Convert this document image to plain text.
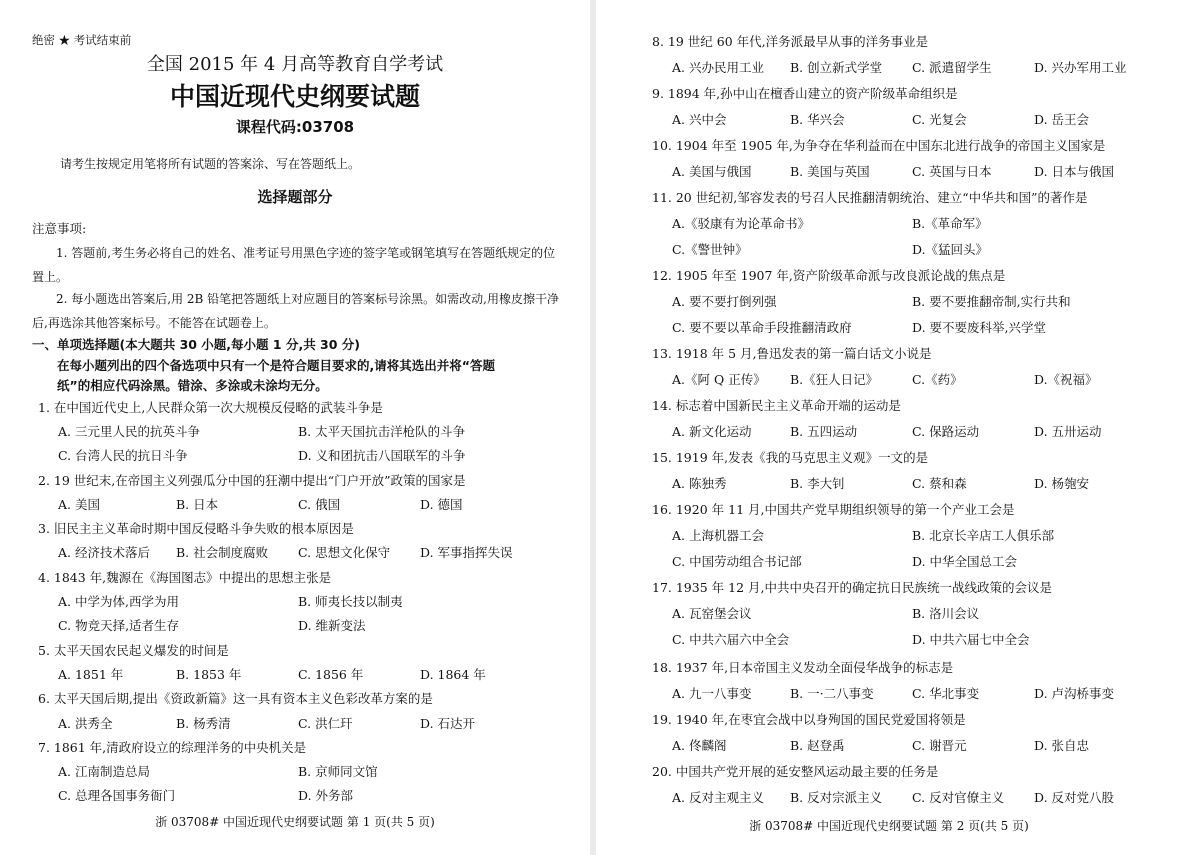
绝密 ★ 考试结束前
全国 2015 年 4 月高等教育自学考试
中国近现代史纲要试题
课程代码:03708
请考生按规定用笔将所有试题的答案涂、写在答题纸上。
选择题部分
注意事项:
1. 答题前,考生务必将自己的姓名、准考证号用黑色字迹的签字笔或钢笔填写在答题纸规定的位置上。
2. 每小题选出答案后,用 2B 铅笔把答题纸上对应题目的答案标号涂黑。如需改动,用橡皮擦干净后,再选涂其他答案标号。不能答在试题卷上。
一、单项选择题(本大题共 30 小题,每小题 1 分,共 30 分)
在每小题列出的四个备选项中只有一个是符合题目要求的,请将其选出并将“答题
纸”的相应代码涂黑。错涂、多涂或未涂均无分。
1. 在中国近代史上,人民群众第一次大规模反侵略的武装斗争是
A. 三元里人民的抗英斗争	B. 太平天国抗击洋枪队的斗争
C. 台湾人民的抗日斗争	D. 义和团抗击八国联军的斗争
2. 19 世纪末,在帝国主义列强瓜分中国的狂潮中提出“门户开放”政策的国家是
A. 美国	B. 日本	C. 俄国	D. 德国
3. 旧民主主义革命时期中国反侵略斗争失败的根本原因是
A. 经济技术落后 B. 社会制度腐败 C. 思想文化保守 D. 军事指挥失误
4. 1843 年,魏源在《海国图志》中提出的思想主张是
A. 中学为体,西学为用	B. 师夷长技以制夷
C. 物竞天择,适者生存	D. 维新变法
5. 太平天国农民起义爆发的时间是
A. 1851 年	B. 1853 年	C. 1856 年	D. 1864 年
6. 太平天国后期,提出《资政新篇》这一具有资本主义色彩改革方案的是
A. 洪秀全	B. 杨秀清	C. 洪仁玕	D. 石达开
7. 1861 年,清政府设立的综理洋务的中央机关是
A. 江南制造总局	B. 京师同文馆
C. 总理各国事务衙门	D. 外务部
浙 03708# 中国近现代史纲要试题 第 1 页(共 5 页)
8. 19 世纪 60 年代,洋务派最早从事的洋务事业是
A. 兴办民用工业 B. 创立新式学堂 C. 派遣留学生	D. 兴办军用工业
9. 1894 年,孙中山在檀香山建立的资产阶级革命组织是
A. 兴中会	B. 华兴会	C. 光复会	D. 岳王会
10. 1904 年至 1905 年,为争夺在华利益而在中国东北进行战争的帝国主义国家是
A. 美国与俄国	B. 美国与英国	C. 英国与日本	D. 日本与俄国
11. 20 世纪初,邹容发表的号召人民推翻清朝统治、建立“中华共和国”的著作是
A.《驳康有为论革命书》	B.《革命军》
C.《警世钟》	D.《猛回头》
12. 1905 年至 1907 年,资产阶级革命派与改良派论战的焦点是
A. 要不要打倒列强	B. 要不要推翻帝制,实行共和
C. 要不要以革命手段推翻清政府	D. 要不要废科举,兴学堂
13. 1918 年 5 月,鲁迅发表的第一篇白话文小说是
A.《阿 Q 正传》 B.《狂人日记》	C.《药》	D.《祝福》
14. 标志着中国新民主主义革命开端的运动是
A. 新文化运动	B. 五四运动	C. 保路运动	D. 五卅运动
15. 1919 年,发表《我的马克思主义观》一文的是
A. 陈独秀	B. 李大钊	C. 蔡和森	D. 杨匏安
16. 1920 年 11 月,中国共产党早期组织领导的第一个产业工会是
A. 上海机器工会	B. 北京长辛店工人俱乐部
C. 中国劳动组合书记部	D. 中华全国总工会
17. 1935 年 12 月,中共中央召开的确定抗日民族统一战线政策的会议是
A. 瓦窑堡会议	B. 洛川会议
C. 中共六届六中全会	D. 中共六届七中全会
18. 1937 年,日本帝国主义发动全面侵华战争的标志是
A. 九一八事变	B. 一·二八事变	C. 华北事变	D. 卢沟桥事变
19. 1940 年,在枣宜会战中以身殉国的国民党爱国将领是
A. 佟麟阁	B. 赵登禹	C. 谢晋元	D. 张自忠
20. 中国共产党开展的延安整风运动最主要的任务是
A. 反对主观主义 B. 反对宗派主义 C. 反对官僚主义 D. 反对党八股
浙 03708# 中国近现代史纲要试题 第 2 页(共 5 页)
